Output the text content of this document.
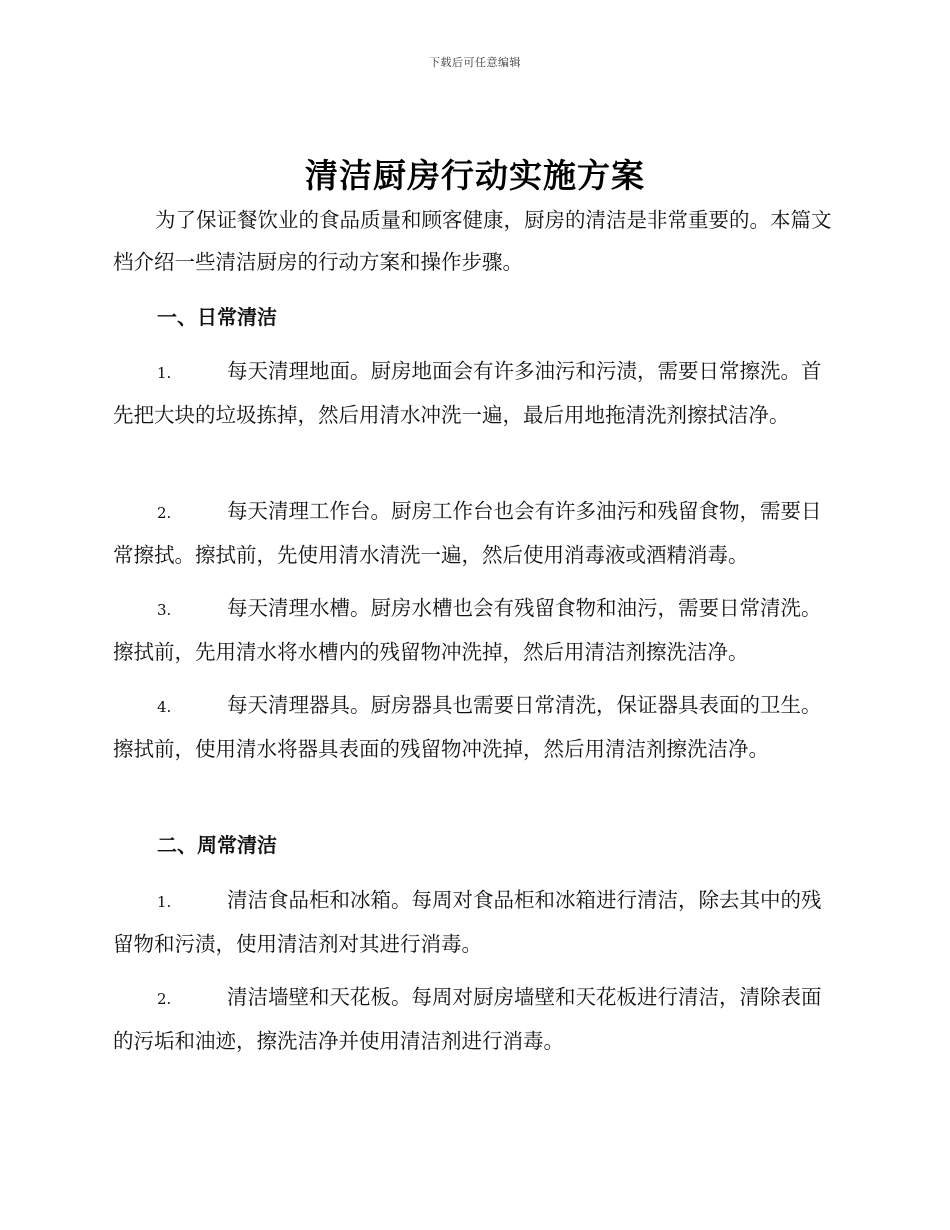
下载后可任意编辑
清洁厨房行动实施方案

为了保证餐饮业的食品质量和顾客健康，厨房的清洁是非常重要的。本篇文档介绍一些清洁厨房的行动方案和操作步骤。

一、日常清洁

1.	每天清理地面。厨房地面会有许多油污和污渍，需要日常擦洗。首先把大块的垃圾拣掉，然后用清水冲洗一遍，最后用地拖清洗剂擦拭洁净。

2.	每天清理工作台。厨房工作台也会有许多油污和残留食物，需要日常擦拭。擦拭前，先使用清水清洗一遍，然后使用消毒液或酒精消毒。

3.	每天清理水槽。厨房水槽也会有残留食物和油污，需要日常清洗。擦拭前，先用清水将水槽内的残留物冲洗掉，然后用清洁剂擦洗洁净。

4.	每天清理器具。厨房器具也需要日常清洗，保证器具表面的卫生。擦拭前，使用清水将器具表面的残留物冲洗掉，然后用清洁剂擦洗洁净。

二、周常清洁

1.	清洁食品柜和冰箱。每周对食品柜和冰箱进行清洁，除去其中的残留物和污渍，使用清洁剂对其进行消毒。

2.	清洁墙壁和天花板。每周对厨房墙壁和天花板进行清洁，清除表面的污垢和油迹，擦洗洁净并使用清洁剂进行消毒。
